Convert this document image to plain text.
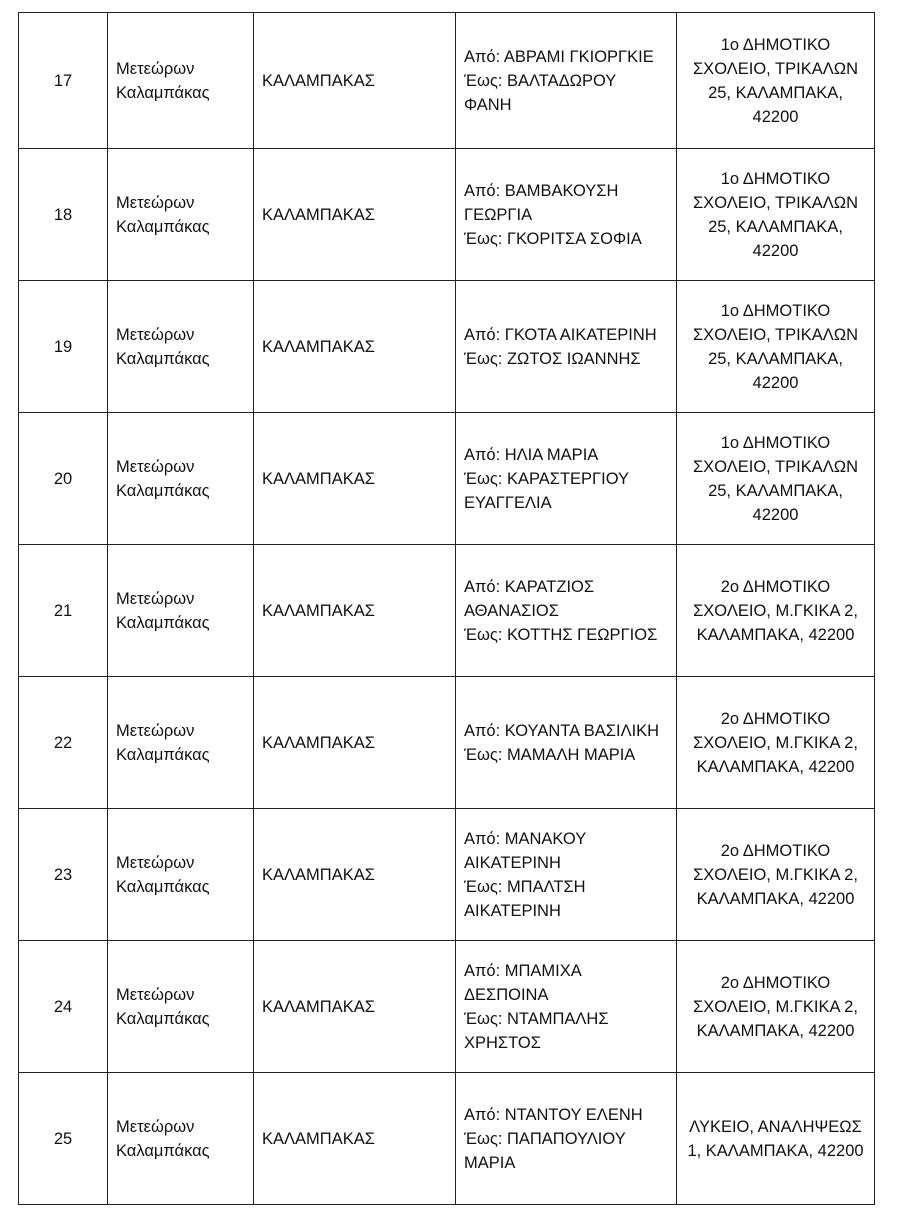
17	Μετεώρων Καλαμπάκας	ΚΑΛΑΜΠΑΚΑΣ	Από: ΑΒΡΑΜΙ ΓΚΙΟΡΓΚΙΕ
Έως: ΒΑΛΤΑΔΩΡΟΥ ΦΑΝΗ	1ο ΔΗΜΟΤΙΚΟ ΣΧΟΛΕΙΟ, ΤΡΙΚΑΛΩΝ 25, ΚΑΛΑΜΠΑΚΑ, 42200
18	Μετεώρων Καλαμπάκας	ΚΑΛΑΜΠΑΚΑΣ	Από: ΒΑΜΒΑΚΟΥΣΗ ΓΕΩΡΓΙΑ
Έως: ΓΚΟΡΙΤΣΑ ΣΟΦΙΑ	1ο ΔΗΜΟΤΙΚΟ ΣΧΟΛΕΙΟ, ΤΡΙΚΑΛΩΝ 25, ΚΑΛΑΜΠΑΚΑ, 42200
19	Μετεώρων Καλαμπάκας	ΚΑΛΑΜΠΑΚΑΣ	Από: ΓΚΟΤΑ ΑΙΚΑΤΕΡΙΝΗ
Έως: ΖΩΤΟΣ ΙΩΑΝΝΗΣ	1ο ΔΗΜΟΤΙΚΟ ΣΧΟΛΕΙΟ, ΤΡΙΚΑΛΩΝ 25, ΚΑΛΑΜΠΑΚΑ, 42200
20	Μετεώρων Καλαμπάκας	ΚΑΛΑΜΠΑΚΑΣ	Από: ΗΛΙΑ ΜΑΡΙΑ
Έως: ΚΑΡΑΣΤΕΡΓΙΟΥ ΕΥΑΓΓΕΛΙΑ	1ο ΔΗΜΟΤΙΚΟ ΣΧΟΛΕΙΟ, ΤΡΙΚΑΛΩΝ 25, ΚΑΛΑΜΠΑΚΑ, 42200
21	Μετεώρων Καλαμπάκας	ΚΑΛΑΜΠΑΚΑΣ	Από: ΚΑΡΑΤΖΙΟΣ ΑΘΑΝΑΣΙΟΣ
Έως: ΚΟΤΤΗΣ ΓΕΩΡΓΙΟΣ	2ο ΔΗΜΟΤΙΚΟ ΣΧΟΛΕΙΟ, Μ.ΓΚΙΚΑ 2, ΚΑΛΑΜΠΑΚΑ, 42200
22	Μετεώρων Καλαμπάκας	ΚΑΛΑΜΠΑΚΑΣ	Από: ΚΟΥΑΝΤΑ ΒΑΣΙΛΙΚΗ
Έως: ΜΑΜΑΛΗ ΜΑΡΙΑ	2ο ΔΗΜΟΤΙΚΟ ΣΧΟΛΕΙΟ, Μ.ΓΚΙΚΑ 2, ΚΑΛΑΜΠΑΚΑ, 42200
23	Μετεώρων Καλαμπάκας	ΚΑΛΑΜΠΑΚΑΣ	Από: ΜΑΝΑΚΟΥ ΑΙΚΑΤΕΡΙΝΗ
Έως: ΜΠΑΛΤΣΗ ΑΙΚΑΤΕΡΙΝΗ	2ο ΔΗΜΟΤΙΚΟ ΣΧΟΛΕΙΟ, Μ.ΓΚΙΚΑ 2, ΚΑΛΑΜΠΑΚΑ, 42200
24	Μετεώρων Καλαμπάκας	ΚΑΛΑΜΠΑΚΑΣ	Από: ΜΠΑΜΙΧΑ ΔΕΣΠΟΙΝΑ
Έως: ΝΤΑΜΠΑΛΗΣ ΧΡΗΣΤΟΣ	2ο ΔΗΜΟΤΙΚΟ ΣΧΟΛΕΙΟ, Μ.ΓΚΙΚΑ 2, ΚΑΛΑΜΠΑΚΑ, 42200
25	Μετεώρων Καλαμπάκας	ΚΑΛΑΜΠΑΚΑΣ	Από: ΝΤΑΝΤΟΥ ΕΛΕΝΗ
Έως: ΠΑΠΑΠΟΥΛΙΟΥ ΜΑΡΙΑ	ΛΥΚΕΙΟ, ΑΝΑΛΗΨΕΩΣ 1, ΚΑΛΑΜΠΑΚΑ, 42200
